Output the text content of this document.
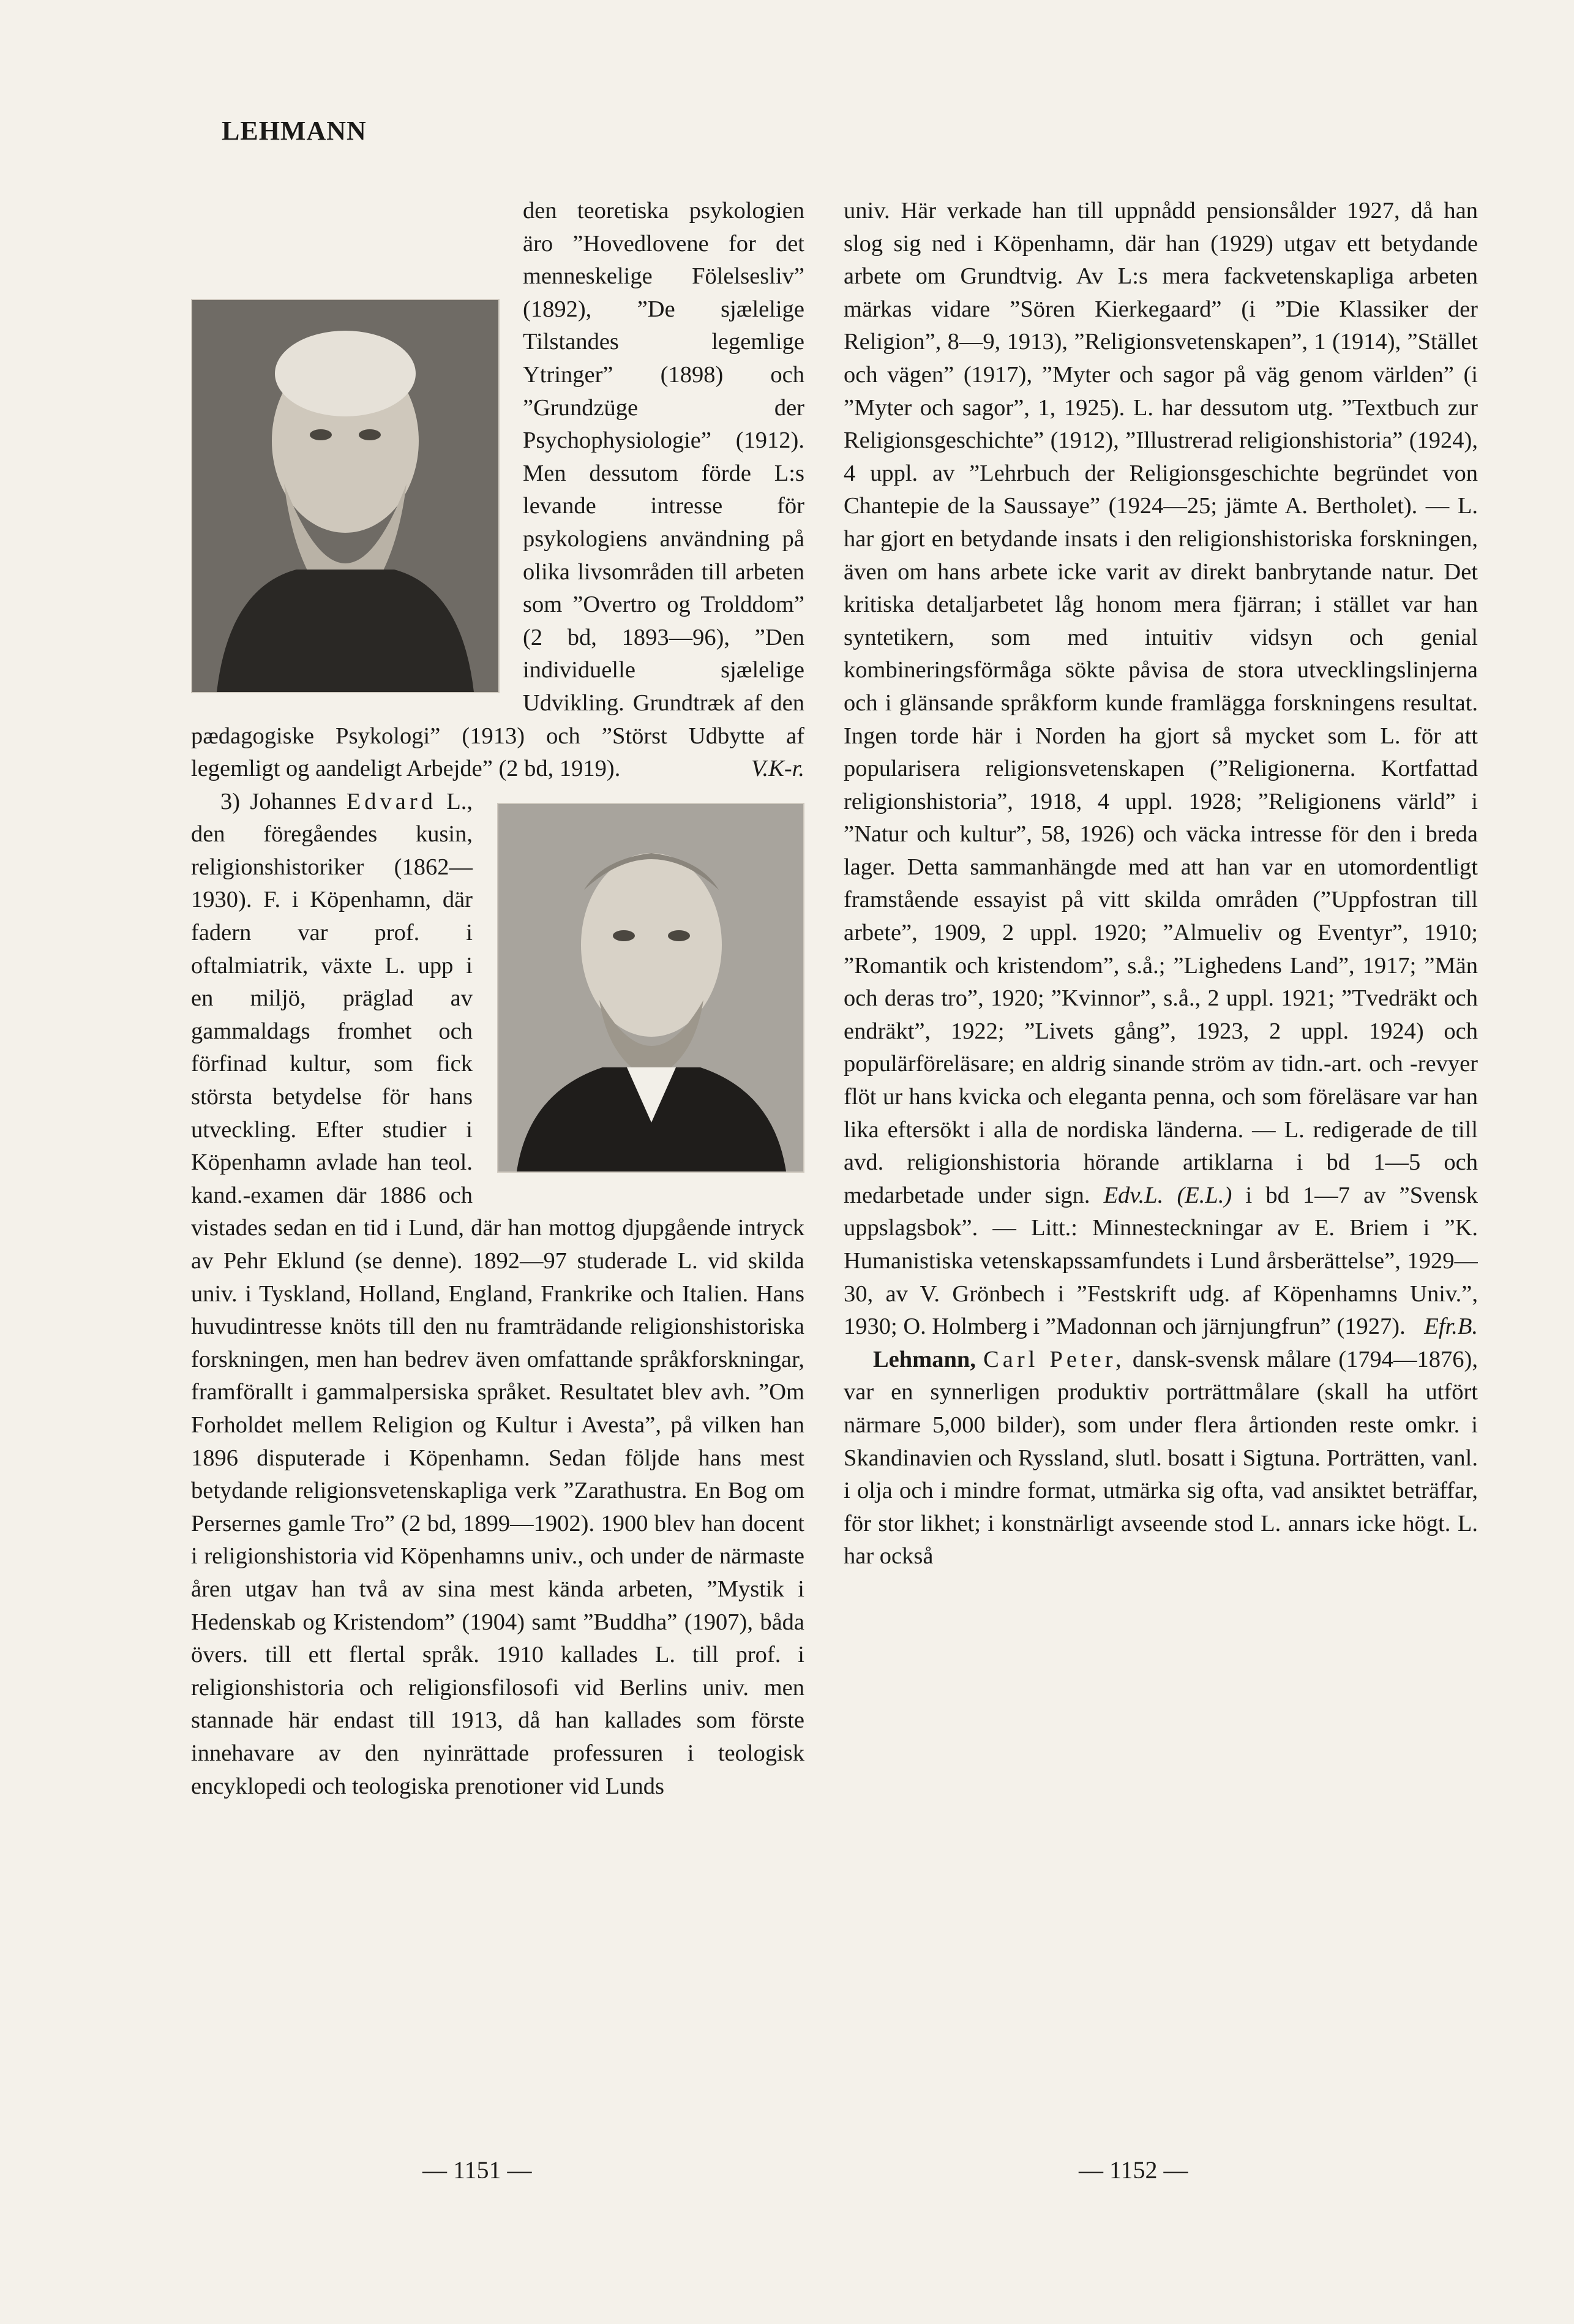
LEHMANN

den teoretiska psykologien äro ”Hovedlovene for det menneskelige Fölelsesliv” (1892), ”De sjælelige Tilstandes legemlige Ytringer” (1898) och ”Grundzüge der Psychophysiologie” (1912). Men dessutom förde L:s levande intresse för psykologiens användning på olika livsområden till arbeten som ”Overtro og Trolddom” (2 bd, 1893—96), ”Den individuelle sjælelige Udvikling. Grundtræk af den pædagogiske Psykologi” (1913) och ”Störst Udbytte af legemligt og aandeligt Arbejde” (2 bd, 1919).	V.K-r.

3) Johannes Edvard L., den föregåendes kusin, religionshistoriker (1862—1930). F. i Köpenhamn, där fadern var prof. i oftalmiatrik, växte L. upp i en miljö, präglad av gammaldags fromhet och förfinad kultur, som fick största betydelse för hans utveckling. Efter studier i Köpenhamn avlade han teol. kand.-examen där 1886 och vistades sedan en tid i Lund, där han mottog djupgående intryck av Pehr Eklund (se denne). 1892—97 studerade L. vid skilda univ. i Tyskland, Holland, England, Frankrike och Italien. Hans huvudintresse knöts till den nu framträdande religionshistoriska forskningen, men han bedrev även omfattande språkforskningar, framförallt i gammalpersiska språket. Resultatet blev avh. ”Om Forholdet mellem Religion og Kultur i Avesta”, på vilken han 1896 disputerade i Köpenhamn. Sedan följde hans mest betydande religionsvetenskapliga verk ”Zarathustra. En Bog om Persernes gamle Tro” (2 bd, 1899—1902). 1900 blev han docent i religionshistoria vid Köpenhamns univ., och under de närmaste åren utgav han två av sina mest kända arbeten, ”Mystik i Hedenskab og Kristendom” (1904) samt ”Buddha” (1907), båda övers. till ett flertal språk. 1910 kallades L. till prof. i religionshistoria och religionsfilosofi vid Berlins univ. men stannade här endast till 1913, då han kallades som förste innehavare av den nyinrättade professuren i teologisk encyklopedi och teologiska prenotioner vid Lunds

univ. Här verkade han till uppnådd pensionsålder 1927, då han slog sig ned i Köpenhamn, där han (1929) utgav ett betydande arbete om Grundtvig. Av L:s mera fackvetenskapliga arbeten märkas vidare ”Sören Kierkegaard” (i ”Die Klassiker der Religion”, 8—9, 1913), ”Religionsvetenskapen”, 1 (1914), ”Stället och vägen” (1917), ”Myter och sagor på väg genom världen” (i ”Myter och sagor”, 1, 1925). L. har dessutom utg. ”Textbuch zur Religionsgeschichte” (1912), ”Illustrerad religionshistoria” (1924), 4 uppl. av ”Lehrbuch der Religionsgeschichte begründet von Chantepie de la Saussaye” (1924—25; jämte A. Bertholet). — L. har gjort en betydande insats i den religionshistoriska forskningen, även om hans arbete icke varit av direkt banbrytande natur. Det kritiska detaljarbetet låg honom mera fjärran; i stället var han syntetikern, som med intuitiv vidsyn och genial kombineringsförmåga sökte påvisa de stora utvecklingslinjerna och i glänsande språkform kunde framlägga forskningens resultat. Ingen torde här i Norden ha gjort så mycket som L. för att popularisera religionsvetenskapen (”Religionerna. Kortfattad religionshistoria”, 1918, 4 uppl. 1928; ”Religionens värld” i ”Natur och kultur”, 58, 1926) och väcka intresse för den i breda lager. Detta sammanhängde med att han var en utomordentligt framstående essayist på vitt skilda områden (”Uppfostran till arbete”, 1909, 2 uppl. 1920; ”Almueliv og Eventyr”, 1910; ”Romantik och kristendom”, s.å.; ”Lighedens Land”, 1917; ”Män och deras tro”, 1920; ”Kvinnor”, s.å., 2 uppl. 1921; ”Tvedräkt och endräkt”, 1922; ”Livets gång”, 1923, 2 uppl. 1924) och populärföreläsare; en aldrig sinande ström av tidn.-art. och -revyer flöt ur hans kvicka och eleganta penna, och som föreläsare var han lika eftersökt i alla de nordiska länderna. — L. redigerade de till avd. religionshistoria hörande artiklarna i bd 1—5 och medarbetade under sign. Edv.L. (E.L.) i bd 1—7 av ”Svensk uppslagsbok”. — Litt.: Minnesteckningar av E. Briem i ”K. Humanistiska vetenskapssamfundets i Lund årsberättelse”, 1929—30, av V. Grönbech i ”Festskrift udg. af Köpenhamns Univ.”, 1930; O. Holmberg i ”Madonnan och järnjungfrun” (1927). Efr.B.

Lehmann, Carl Peter, dansk-svensk målare (1794—1876), var en synnerligen produktiv porträttmålare (skall ha utfört närmare 5,000 bilder), som under flera årtionden reste omkr. i Skandinavien och Ryssland, slutl. bosatt i Sigtuna. Porträtten, vanl. i olja och i mindre format, utmärka sig ofta, vad ansiktet beträffar, för stor likhet; i konstnärligt avseende stod L. annars icke högt. L. har också

— 1151 —	— 1152 —
